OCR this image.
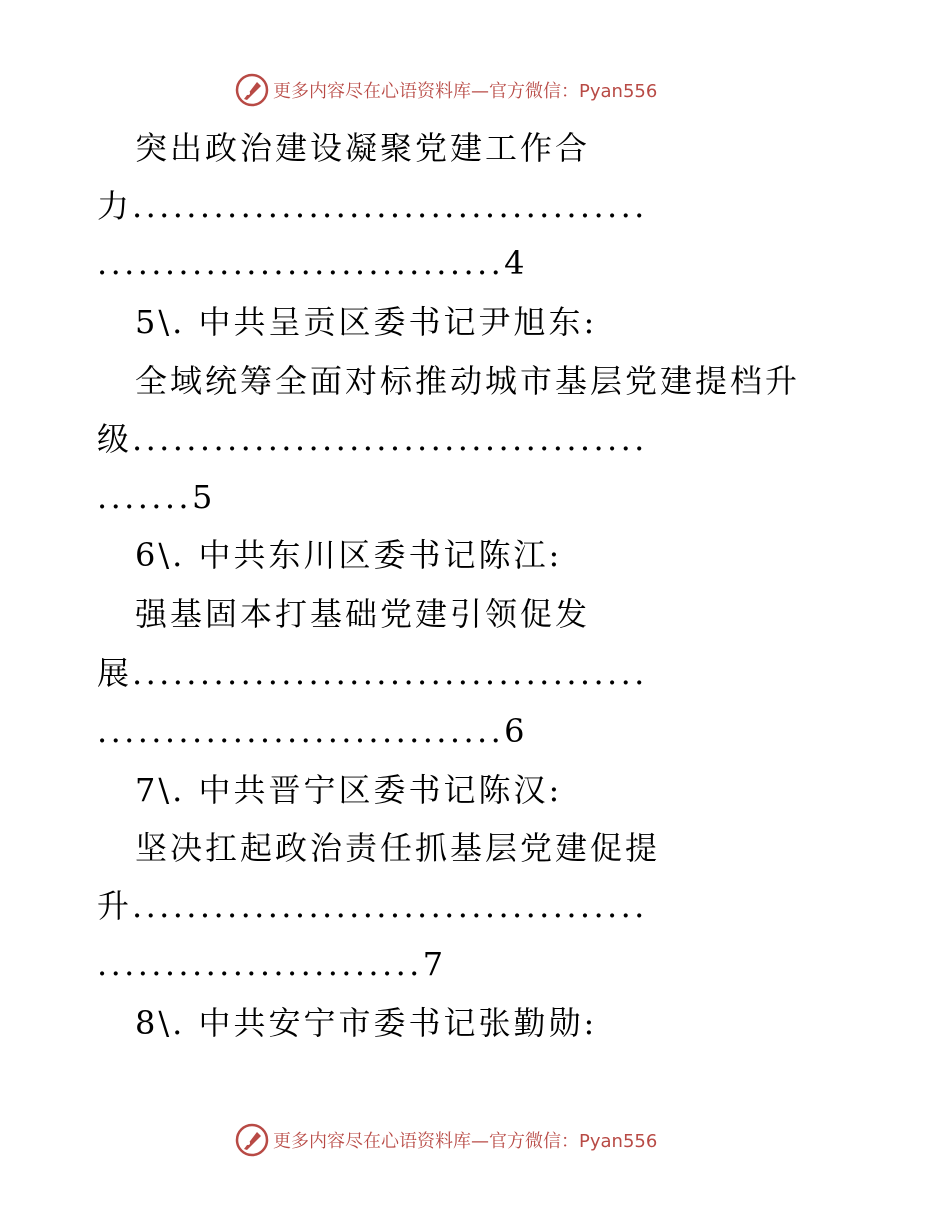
更多内容尽在心语资料库—官方微信：Pyan556
突出政治建设凝聚党建工作合
力......................................
..............................4
5\. 中共呈贡区委书记尹旭东:
全域统筹全面对标推动城市基层党建提档升
级......................................
.......5
6\. 中共东川区委书记陈江:
强基固本打基础党建引领促发
展......................................
..............................6
7\. 中共晋宁区委书记陈汉:
坚决扛起政治责任抓基层党建促提
升......................................
........................7
8\. 中共安宁市委书记张勤勋:
更多内容尽在心语资料库—官方微信：Pyan556
